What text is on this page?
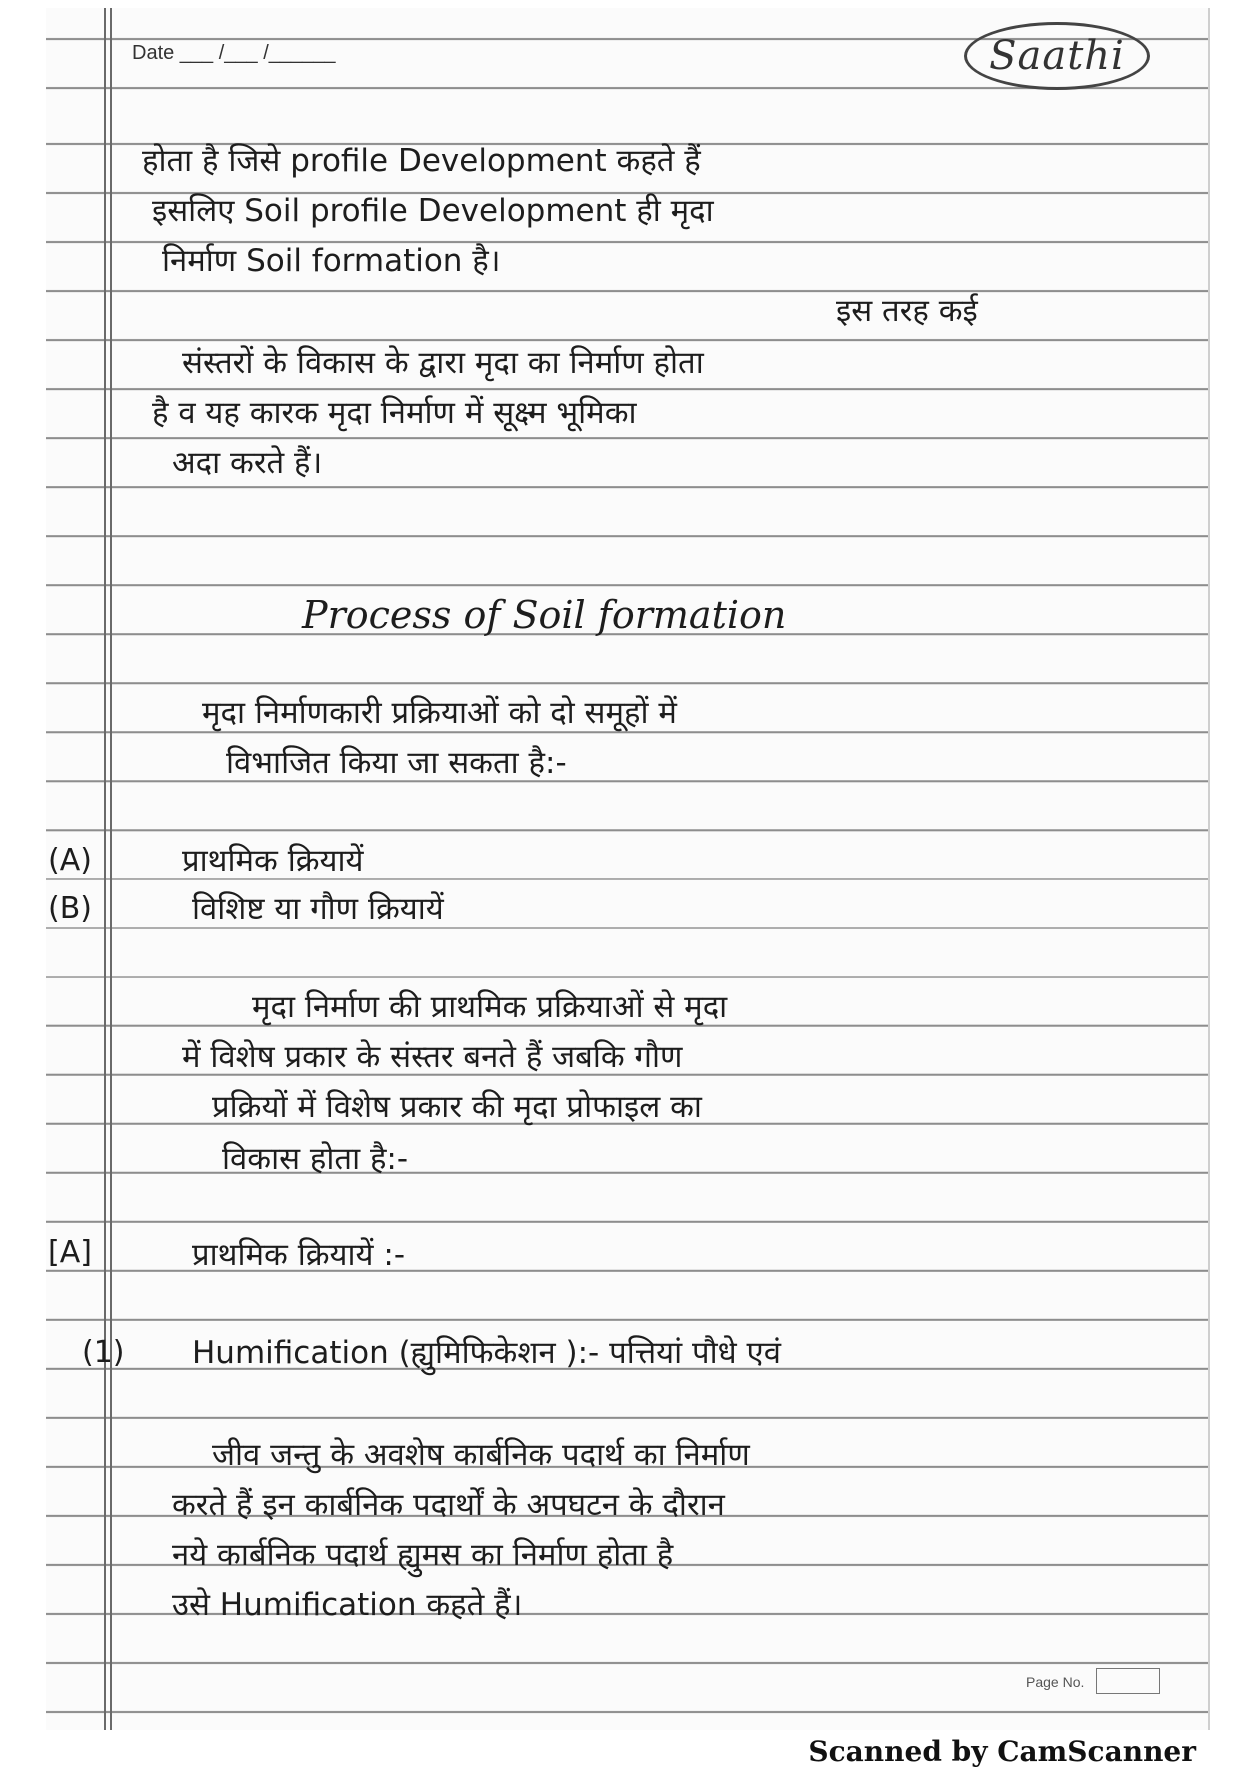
Date ___ /___ /______	Saathi

होता है जिसे profile Development कहते हैं

इसलिए Soil profile Development ही मृदा

निर्माण Soil formation है।

इस तरह कई

संस्तरों के विकास के द्वारा मृदा का निर्माण होता

है व यह कारक मृदा निर्माण में सूक्ष्म भूमिका

अदा करते हैं।

Process of Soil formation

मृदा निर्माणकारी प्रक्रियाओं को दो समूहों में

विभाजित किया जा सकता है:-

(A)	प्राथमिक क्रियायें

(B)	विशिष्ट या गौण क्रियायें

मृदा निर्माण की प्राथमिक प्रक्रियाओं से मृदा

में विशेष प्रकार के संस्तर बनते हैं जबकि गौण

प्रक्रियों में विशेष प्रकार की मृदा प्रोफाइल का

विकास होता है:-

[A]	प्राथमिक क्रियायें :-

(1) Humification (ह्युमिफिकेशन ):- पत्तियां पौधे एवं

जीव जन्तु के अवशेष कार्बनिक पदार्थ का निर्माण

करते हैं इन कार्बनिक पदार्थों के अपघटन के दौरान

नये कार्बनिक पदार्थ ह्युमस का निर्माण होता है

उसे Humification कहते हैं।

Page No.
Scanned by CamScanner
